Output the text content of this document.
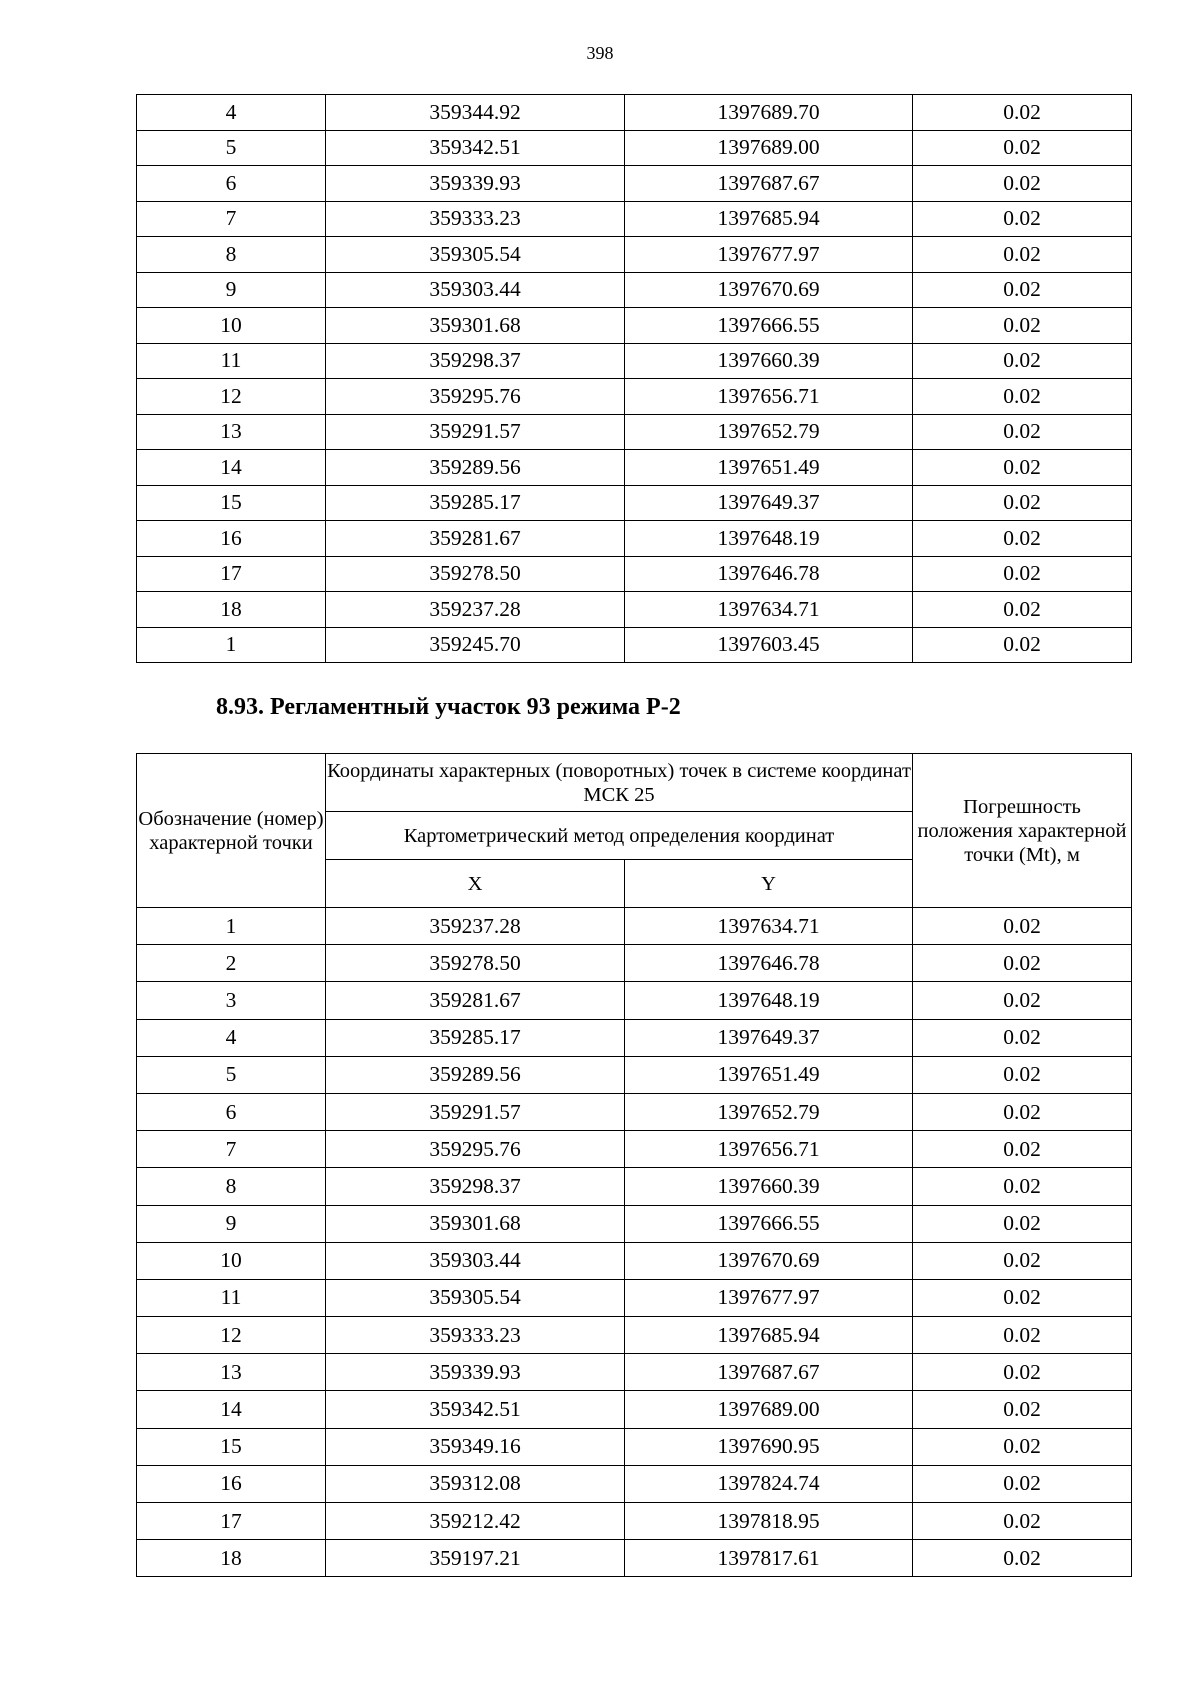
398
4	359344.92	1397689.70	0.02
5	359342.51	1397689.00	0.02
6	359339.93	1397687.67	0.02
7	359333.23	1397685.94	0.02
8	359305.54	1397677.97	0.02
9	359303.44	1397670.69	0.02
10	359301.68	1397666.55	0.02
11	359298.37	1397660.39	0.02
12	359295.76	1397656.71	0.02
13	359291.57	1397652.79	0.02
14	359289.56	1397651.49	0.02
15	359285.17	1397649.37	0.02
16	359281.67	1397648.19	0.02
17	359278.50	1397646.78	0.02
18	359237.28	1397634.71	0.02
1	359245.70	1397603.45	0.02
8.93. Регламентный участок 93 режима Р-2
Обозначение (номер) характерной точки	Координаты характерных (поворотных) точек в системе координат МСК 25		Погрешность положения характерной точки (Mt), м
	Картометрический метод определения координат		
	X	Y	
1	359237.28	1397634.71	0.02
2	359278.50	1397646.78	0.02
3	359281.67	1397648.19	0.02
4	359285.17	1397649.37	0.02
5	359289.56	1397651.49	0.02
6	359291.57	1397652.79	0.02
7	359295.76	1397656.71	0.02
8	359298.37	1397660.39	0.02
9	359301.68	1397666.55	0.02
10	359303.44	1397670.69	0.02
11	359305.54	1397677.97	0.02
12	359333.23	1397685.94	0.02
13	359339.93	1397687.67	0.02
14	359342.51	1397689.00	0.02
15	359349.16	1397690.95	0.02
16	359312.08	1397824.74	0.02
17	359212.42	1397818.95	0.02
18	359197.21	1397817.61	0.02
